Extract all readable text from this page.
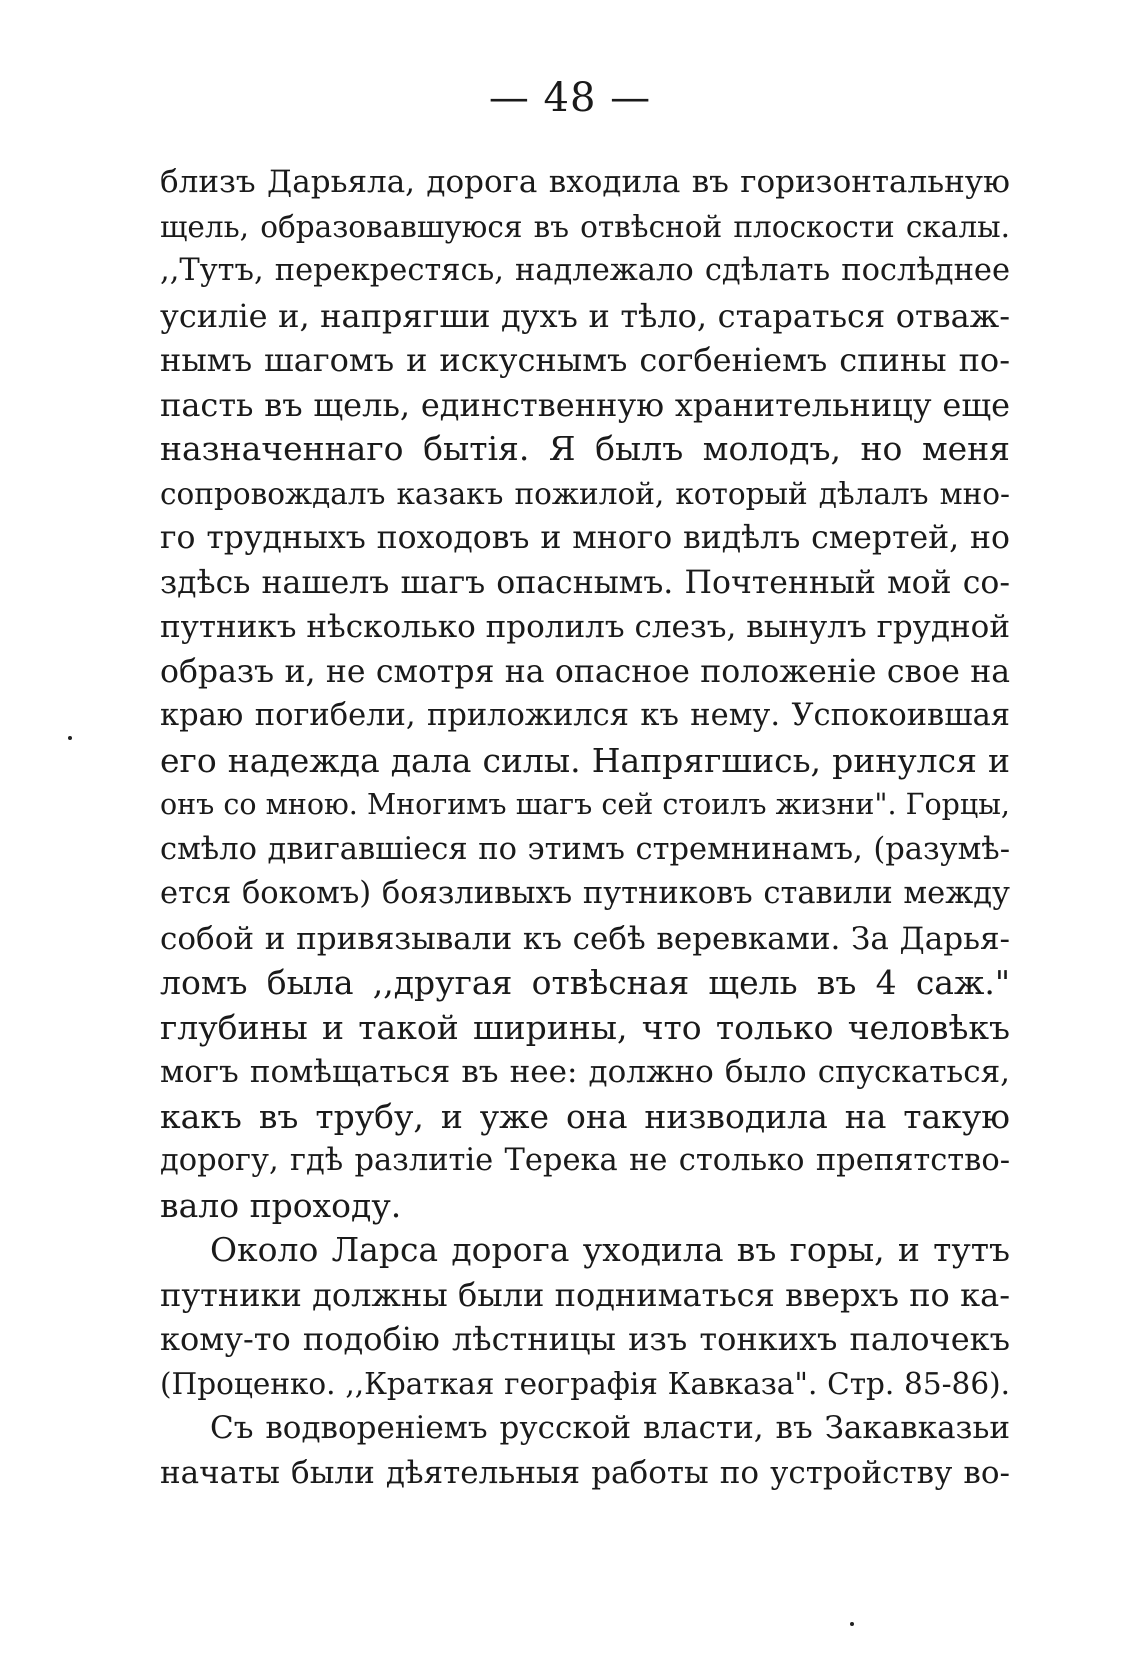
— 48 —
близъ Дарьяла, дорога входила въ горизонтальную
щель, образовавшуюся въ отвѣсной плоскости скалы.
,,Тутъ, перекрестясь, надлежало сдѣлать послѣднее
усилiе и, напрягши духъ и тѣло, стараться отваж-
нымъ шагомъ и искуснымъ согбенiемъ спины по-
пасть въ щель, единственную хранительницу еще
назначеннаго бытiя. Я былъ молодъ, но меня
сопровождалъ казакъ пожилой, который дѣлалъ мно-
го трудныхъ походовъ и много видѣлъ смертей, но
здѣсь нашелъ шагъ опаснымъ. Почтенный мой со-
путникъ нѣсколько пролилъ слезъ, вынулъ грудной
образъ и, не смотря на опасное положенiе свое на
краю погибели, приложился къ нему. Успокоившая
его надежда дала силы. Напрягшись, ринулся и
онъ со мною. Многимъ шагъ сей стоилъ жизни". Горцы,
смѣло двигавшiеся по этимъ стремнинамъ, (разумѣ-
ется бокомъ) боязливыхъ путниковъ ставили между
собой и привязывали къ себѣ веревками. За Дарья-
ломъ была ,,другая отвѣсная щель въ 4 саж."
глубины и такой ширины, что только человѣкъ
могъ помѣщаться въ нее: должно было спускаться,
какъ въ трубу, и уже она низводила на такую
дорогу, гдѣ разлитiе Терека не столько препятство-
вало проходу.
Около Ларса дорога уходила въ горы, и тутъ
путники должны были подниматься вверхъ по ка-
кому-то подобiю лѣстницы изъ тонкихъ палочекъ
(Проценко. ,,Краткая географiя Кавказа". Стр. 85-86).
Съ водворенiемъ русской власти, въ Закавказьи
начаты были дѣятельныя работы по устройству во-
